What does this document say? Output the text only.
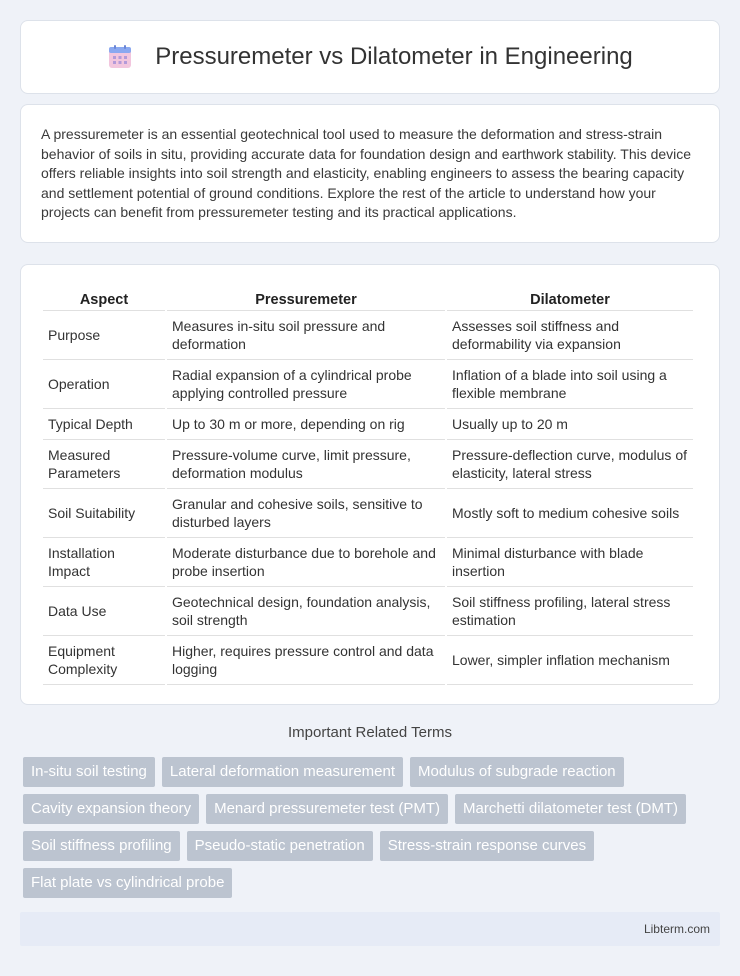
Pressuremeter vs Dilatometer in Engineering

A pressuremeter is an essential geotechnical tool used to measure the deformation and stress-strain behavior of soils in situ, providing accurate data for foundation design and earthwork stability. This device offers reliable insights into soil strength and elasticity, enabling engineers to assess the bearing capacity and settlement potential of ground conditions. Explore the rest of the article to understand how your projects can benefit from pressuremeter testing and its practical applications.

Aspect	Pressuremeter	Dilatometer
Purpose	Measures in-situ soil pressure and deformation	Assesses soil stiffness and deformability via expansion
Operation	Radial expansion of a cylindrical probe applying controlled pressure	Inflation of a blade into soil using a flexible membrane
Typical Depth	Up to 30 m or more, depending on rig	Usually up to 20 m
Measured Parameters	Pressure-volume curve, limit pressure, deformation modulus	Pressure-deflection curve, modulus of elasticity, lateral stress
Soil Suitability	Granular and cohesive soils, sensitive to disturbed layers	Mostly soft to medium cohesive soils
Installation Impact	Moderate disturbance due to borehole and probe insertion	Minimal disturbance with blade insertion
Data Use	Geotechnical design, foundation analysis, soil strength	Soil stiffness profiling, lateral stress estimation
Equipment Complexity	Higher, requires pressure control and data logging	Lower, simpler inflation mechanism
Important Related Terms
In-situ soil testing	Lateral deformation measurement	Modulus of subgrade reaction
Cavity expansion theory	Menard pressuremeter test (PMT)	Marchetti dilatometer test (DMT)
Soil stiffness profiling	Pseudo-static penetration	Stress-strain response curves
Flat plate vs cylindrical probe
Libterm.com
